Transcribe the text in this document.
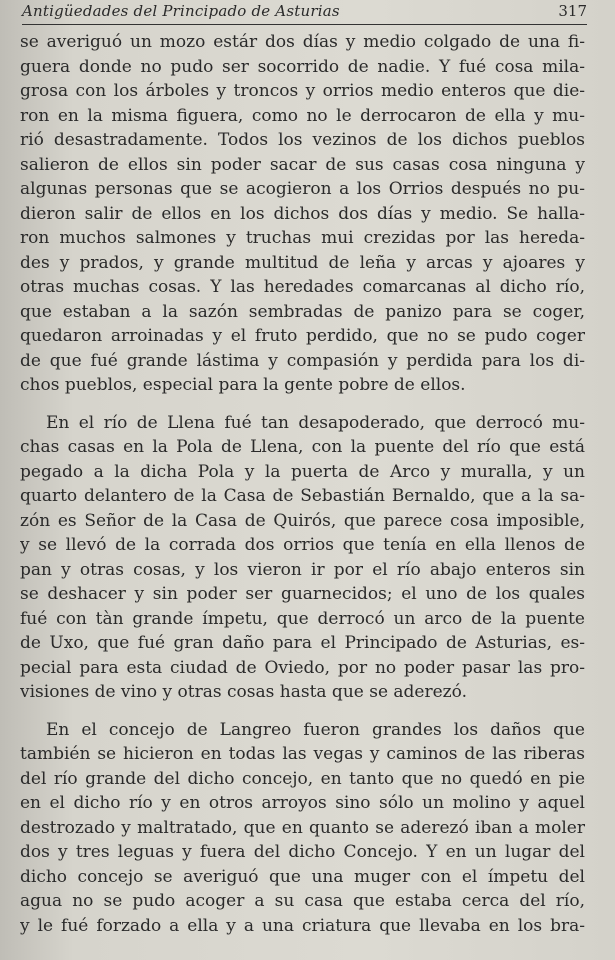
Antigüedades del Principado de Asturias	317
se averiguó un mozo estár dos días y medio colgado de una fi-
guera donde no pudo ser socorrido de nadie. Y fué cosa mila-
grosa con los árboles y troncos y orrios medio enteros que die-
ron en la misma figuera, como no le derrocaron de ella y mu-
rió desastradamente. Todos los vezinos de los dichos pueblos
salieron de ellos sin poder sacar de sus casas cosa ninguna y
algunas personas que se acogieron a los Orrios después no pu-
dieron salir de ellos en los dichos dos días y medio. Se halla-
ron muchos salmones y truchas mui crezidas por las hereda-
des y prados, y grande multitud de leña y arcas y ajoares y
otras muchas cosas. Y las heredades comarcanas al dicho río,
que estaban a la sazón sembradas de panizo para se coger,
quedaron arroinadas y el fruto perdido, que no se pudo coger
de que fué grande lástima y compasión y perdida para los di-
chos pueblos, especial para la gente pobre de ellos.
En el río de Llena fué tan desapoderado, que derrocó mu-
chas casas en la Pola de Llena, con la puente del río que está
pegado a la dicha Pola y la puerta de Arco y muralla, y un
quarto delantero de la Casa de Sebastián Bernaldo, que a la sa-
zón es Señor de la Casa de Quirós, que parece cosa imposible,
y se llevó de la corrada dos orrios que tenía en ella llenos de
pan y otras cosas, y los vieron ir por el río abajo enteros sin
se deshacer y sin poder ser guarnecidos; el uno de los quales
fué con tàn grande ímpetu, que derrocó un arco de la puente
de Uxo, que fué gran daño para el Principado de Asturias, es-
pecial para esta ciudad de Oviedo, por no poder pasar las pro-
visiones de vino y otras cosas hasta que se aderezó.
En el concejo de Langreo fueron grandes los daños que
también se hicieron en todas las vegas y caminos de las riberas
del río grande del dicho concejo, en tanto que no quedó en pie
en el dicho río y en otros arroyos sino sólo un molino y aquel
destrozado y maltratado, que en quanto se aderezó iban a moler
dos y tres leguas y fuera del dicho Concejo. Y en un lugar del
dicho concejo se averiguó que una muger con el ímpetu del
agua no se pudo acoger a su casa que estaba cerca del río,
y le fué forzado a ella y a una criatura que llevaba en los bra-
